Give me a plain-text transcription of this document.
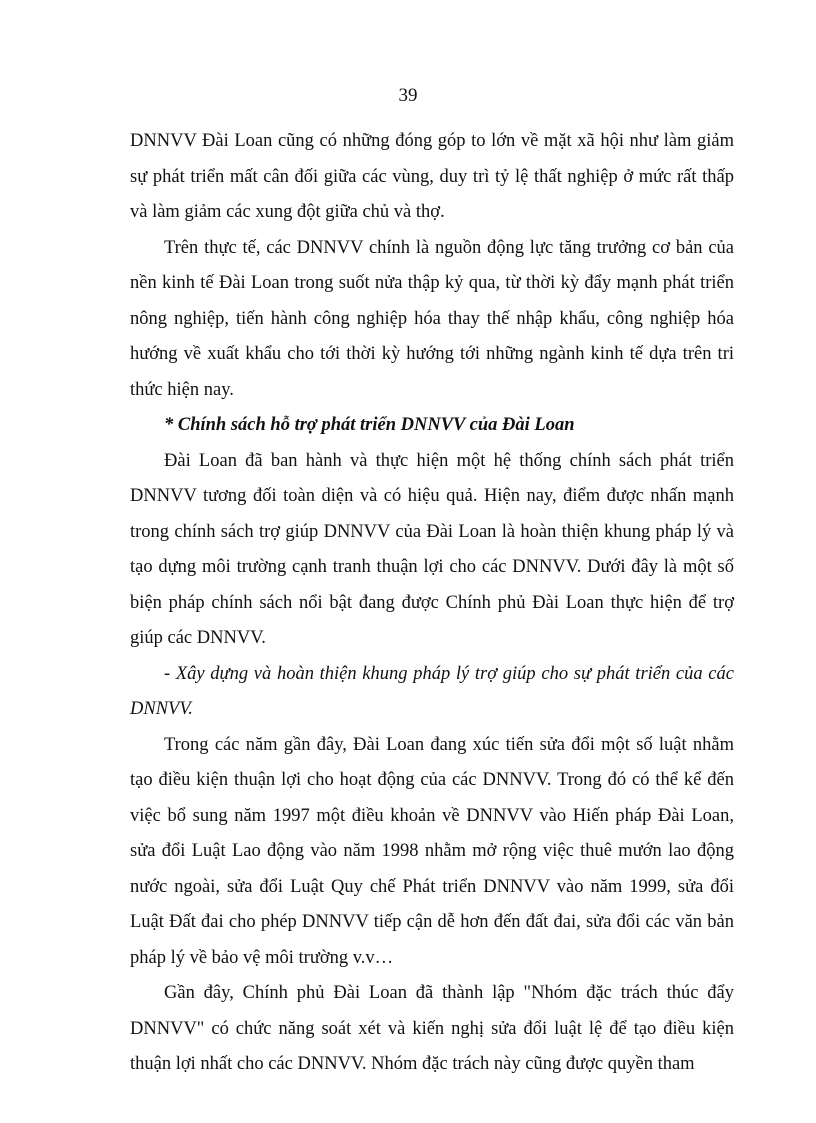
39

DNNVV Đài Loan cũng có những đóng góp to lớn về mặt xã hội như làm giảm sự phát triển mất cân đối giữa các vùng, duy trì tỷ lệ thất nghiệp ở mức rất thấp và làm giảm các xung đột giữa chủ và thợ.

Trên thực tế, các DNNVV chính là nguồn động lực tăng trưởng cơ bản của nền kinh tế Đài Loan trong suốt nửa thập kỷ qua, từ thời kỳ đẩy mạnh phát triển nông nghiệp, tiến hành công nghiệp hóa thay thế nhập khẩu, công nghiệp hóa hướng về xuất khẩu cho tới thời kỳ hướng tới những ngành kinh tế dựa trên tri thức hiện nay.

* Chính sách hỗ trợ phát triển DNNVV của Đài Loan

Đài Loan đã ban hành và thực hiện một hệ thống chính sách phát triển DNNVV tương đối toàn diện và có hiệu quả. Hiện nay, điểm được nhấn mạnh trong chính sách trợ giúp DNNVV của Đài Loan là hoàn thiện khung pháp lý và tạo dựng môi trường cạnh tranh thuận lợi cho các DNNVV. Dưới đây là một số biện pháp chính sách nổi bật đang được Chính phủ Đài Loan thực hiện để trợ giúp các DNNVV.

- Xây dựng và hoàn thiện khung pháp lý trợ giúp cho sự phát triển của các DNNVV.

Trong các năm gần đây, Đài Loan đang xúc tiến sửa đổi một số luật nhằm tạo điều kiện thuận lợi cho hoạt động của các DNNVV. Trong đó có thể kể đến việc bổ sung năm 1997 một điều khoản về DNNVV vào Hiến pháp Đài Loan, sửa đổi Luật Lao động vào năm 1998 nhằm mở rộng việc thuê mướn lao động nước ngoài, sửa đổi Luật Quy chế Phát triển DNNVV vào năm 1999, sửa đổi Luật Đất đai cho phép DNNVV tiếp cận dễ hơn đến đất đai, sửa đổi các văn bản pháp lý về bảo vệ môi trường v.v…

Gần đây, Chính phủ Đài Loan đã thành lập "Nhóm đặc trách thúc đẩy DNNVV" có chức năng soát xét và kiến nghị sửa đổi luật lệ để tạo điều kiện thuận lợi nhất cho các DNNVV. Nhóm đặc trách này cũng được quyền tham
